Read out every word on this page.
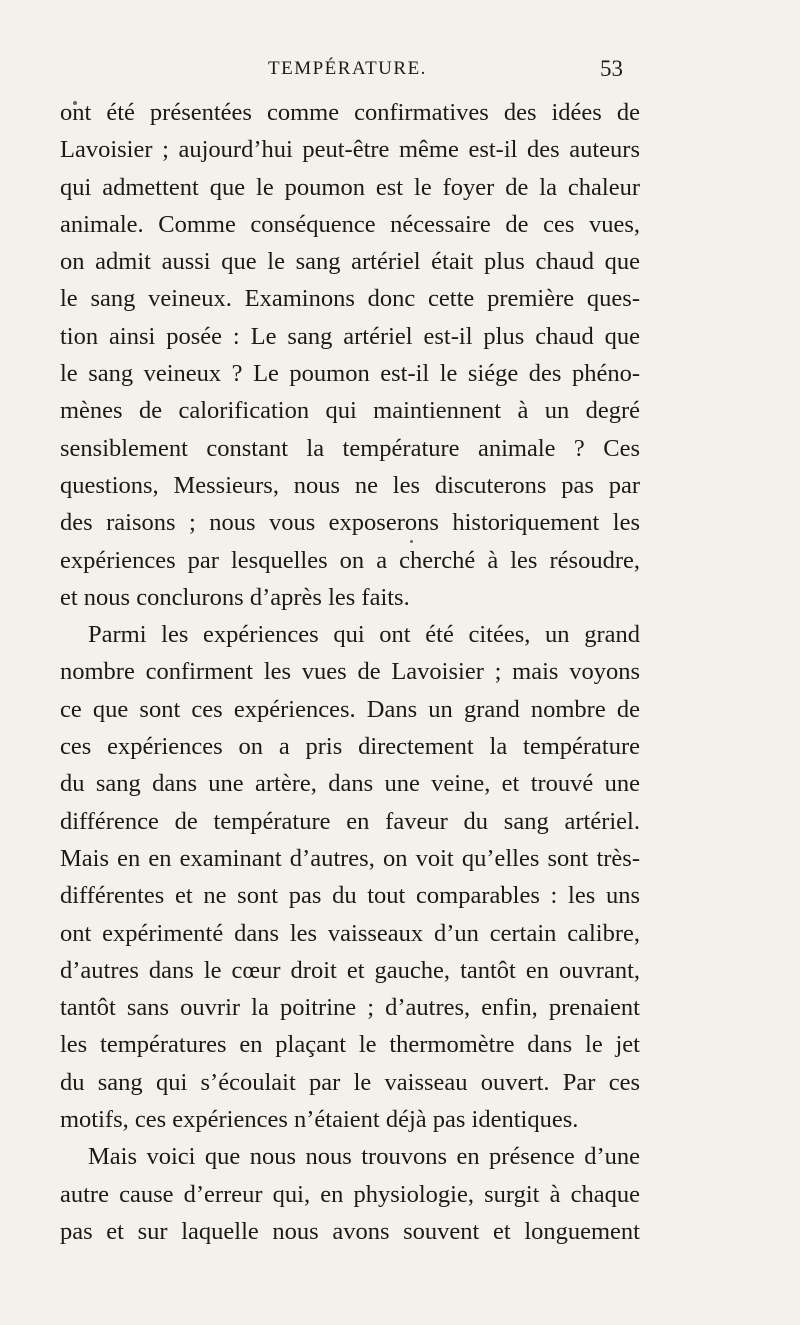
TEMPÉRATURE.	53
ont été présentées comme confirmatives des idées de
Lavoisier ; aujourd’hui peut-être même est-il des auteurs
qui admettent que le poumon est le foyer de la chaleur
animale. Comme conséquence nécessaire de ces vues,
on admit aussi que le sang artériel était plus chaud que
le sang veineux. Examinons donc cette première ques-
tion ainsi posée : Le sang artériel est-il plus chaud que
le sang veineux ? Le poumon est-il le siége des phéno-
mènes de calorification qui maintiennent à un degré
sensiblement constant la température animale ? Ces
questions, Messieurs, nous ne les discuterons pas par
des raisons ; nous vous exposerons historiquement les
expériences par lesquelles on a cherché à les résoudre,
et nous conclurons d’après les faits.
Parmi les expériences qui ont été citées, un grand
nombre confirment les vues de Lavoisier ; mais voyons
ce que sont ces expériences. Dans un grand nombre de
ces expériences on a pris directement la température
du sang dans une artère, dans une veine, et trouvé une
différence de température en faveur du sang artériel.
Mais en en examinant d’autres, on voit qu’elles sont très-
différentes et ne sont pas du tout comparables : les uns
ont expérimenté dans les vaisseaux d’un certain calibre,
d’autres dans le cœur droit et gauche, tantôt en ouvrant,
tantôt sans ouvrir la poitrine ; d’autres, enfin, prenaient
les températures en plaçant le thermomètre dans le jet
du sang qui s’écoulait par le vaisseau ouvert. Par ces
motifs, ces expériences n’étaient déjà pas identiques.
Mais voici que nous nous trouvons en présence d’une
autre cause d’erreur qui, en physiologie, surgit à chaque
pas et sur laquelle nous avons souvent et longuement
